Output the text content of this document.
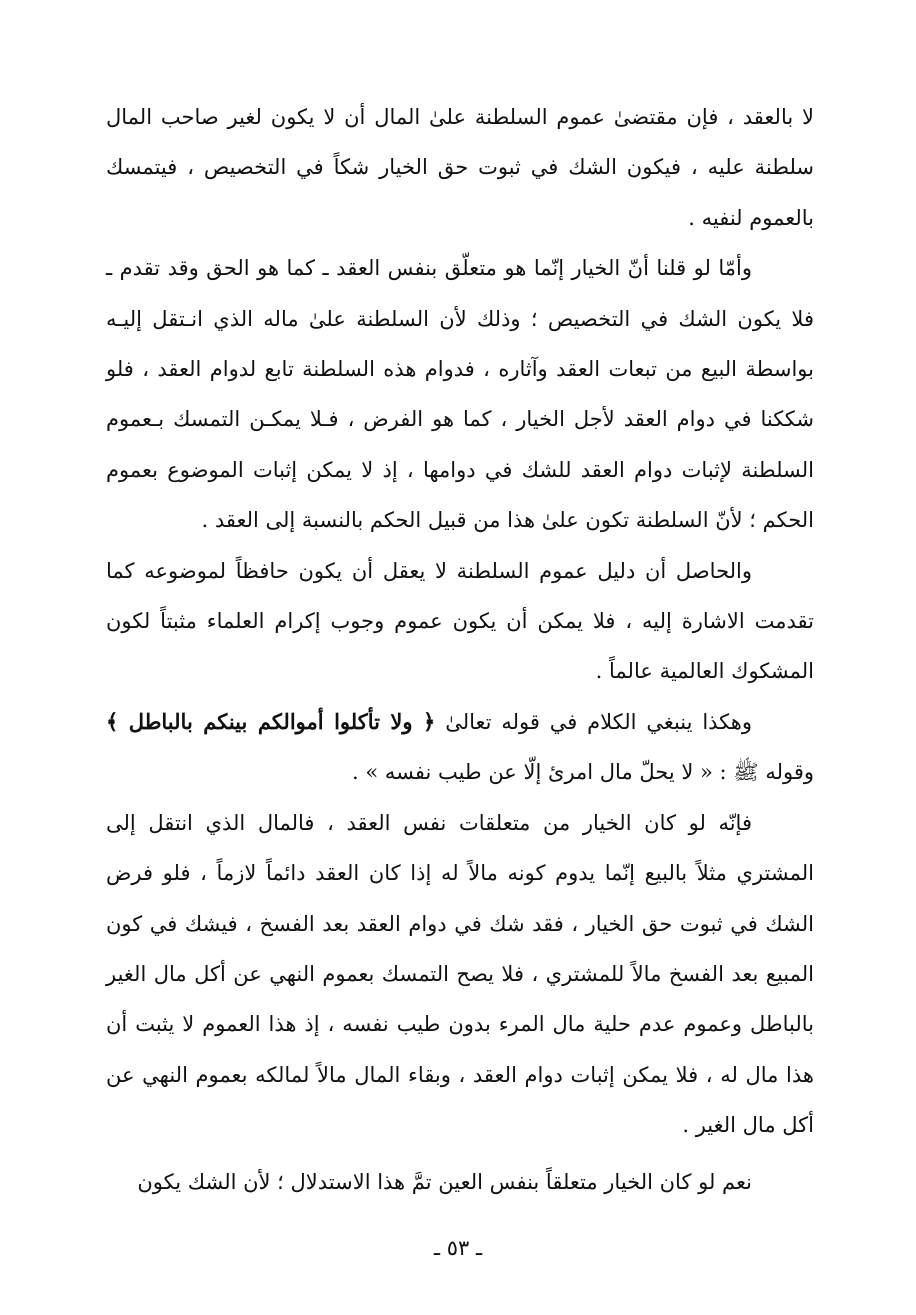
لا بالعقد ، فإن مقتضىٰ عموم السلطنة علىٰ المال أن لا يكون لغير صاحب المال سلطنة عليه ، فيكون الشك في ثبوت حق الخيار شكاً في التخصيص ، فيتمسك بالعموم لنفيه .

وأمّا لو قلنا أنّ الخيار إنّما هو متعلّق بنفس العقد ـ كما هو الحق وقد تقدم ـ فلا يكون الشك في التخصيص ؛ وذلك لأن السلطنة علىٰ ماله الذي انـتقل إليـه بواسطة البيع من تبعات العقد وآثاره ، فدوام هذه السلطنة تابع لدوام العقد ، فلو شككنا في دوام العقد لأجل الخيار ، كما هو الفرض ، فـلا يمكـن التمسك بـعموم السلطنة لإثبات دوام العقد للشك في دوامها ، إذ لا يمكن إثبات الموضوع بعموم الحكم ؛ لأنّ السلطنة تكون علىٰ هذا من قبيل الحكم بالنسبة إلى العقد .

والحاصل أن دليل عموم السلطنة لا يعقل أن يكون حافظاً لموضوعه كما تقدمت الاشارة إليه ، فلا يمكن أن يكون عموم وجوب إكرام العلماء مثبتاً لكون المشكوك العالمية عالماً .

وهكذا ينبغي الكلام في قوله تعالىٰ ﴿ ولا تأكلوا أموالكم بينكم بالباطل ﴾ وقوله ﷺ : « لا يحلّ مال امرئ إلّا عن طيب نفسه » .

فإنّه لو كان الخيار من متعلقات نفس العقد ، فالمال الذي انتقل إلى المشتري مثلاً بالبيع إنّما يدوم كونه مالاً له إذا كان العقد دائماً لازماً ، فلو فرض الشك في ثبوت حق الخيار ، فقد شك في دوام العقد بعد الفسخ ، فيشك في كون المبيع بعد الفسخ مالاً للمشتري ، فلا يصح التمسك بعموم النهي عن أكل مال الغير بالباطل وعموم عدم حلية مال المرء بدون طيب نفسه ، إذ هذا العموم لا يثبت أن هذا مال له ، فلا يمكن إثبات دوام العقد ، وبقاء المال مالاً لمالكه بعموم النهي عن أكل مال الغير .

نعم لو كان الخيار متعلقاً بنفس العين تمَّ هذا الاستدلال ؛ لأن الشك يكون

ـ ٥٣ ـ
